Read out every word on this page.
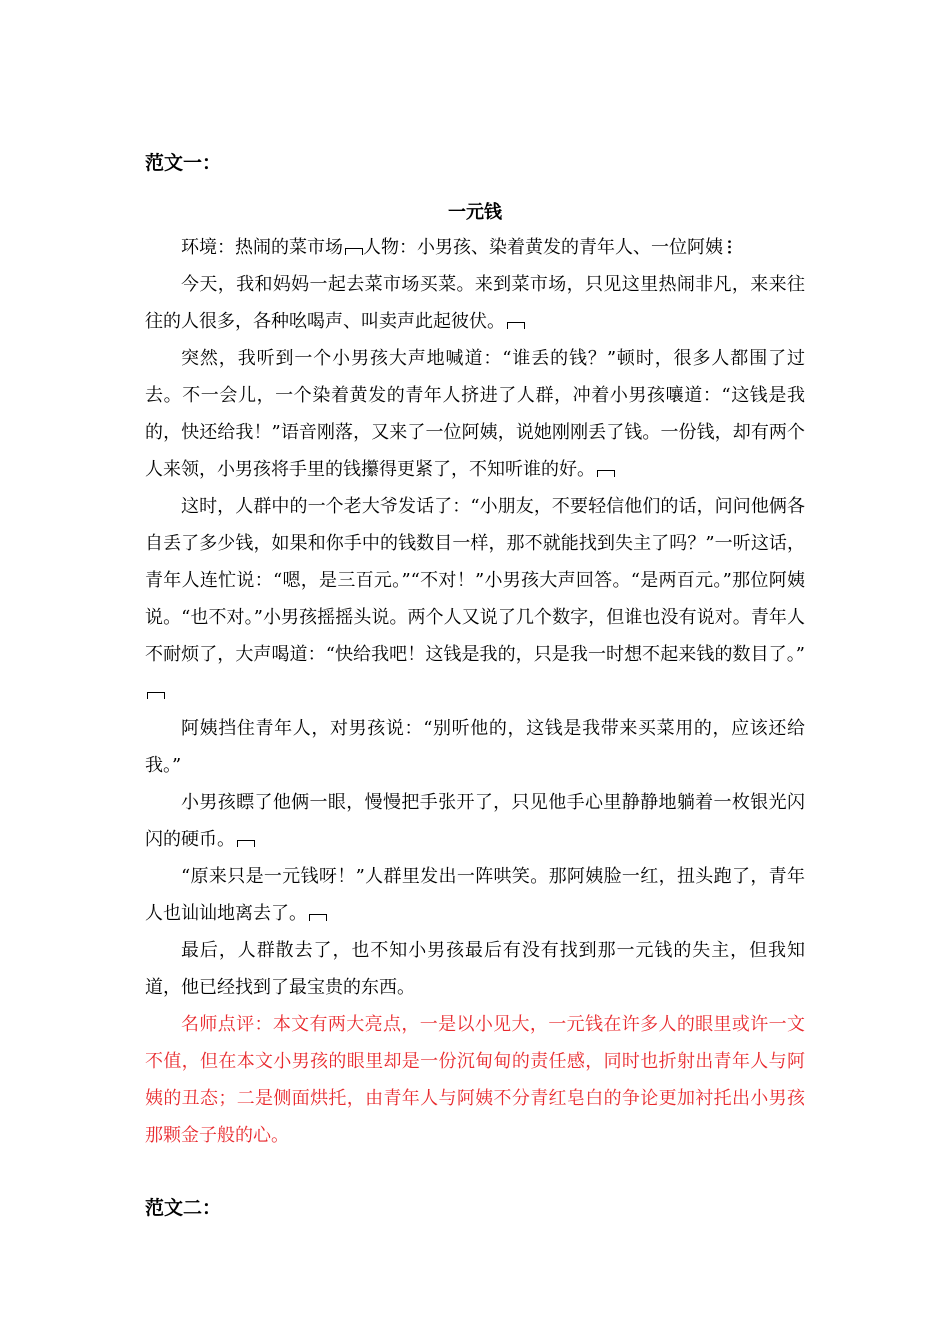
范文一：
一元钱

环境：热闹的菜市场 人物：小男孩、染着黄发的青年人、一位阿姨

今天，我和妈妈一起去菜市场买菜。来到菜市场，只见这里热闹非凡，来来往往的人很多，各种吆喝声、叫卖声此起彼伏。

突然，我听到一个小男孩大声地喊道：“谁丢的钱？”顿时，很多人都围了过去。不一会儿，一个染着黄发的青年人挤进了人群，冲着小男孩嚷道：“这钱是我的，快还给我！”语音刚落，又来了一位阿姨，说她刚刚丢了钱。一份钱，却有两个人来领，小男孩将手里的钱攥得更紧了，不知听谁的好。

这时，人群中的一个老大爷发话了：“小朋友，不要轻信他们的话，问问他俩各自丢了多少钱，如果和你手中的钱数目一样，那不就能找到失主了吗？”一听这话，青年人连忙说：“嗯，是三百元。”“不对！”小男孩大声回答。“是两百元。”那位阿姨说。“也不对。”小男孩摇摇头说。两个人又说了几个数字，但谁也没有说对。青年人不耐烦了，大声喝道：“快给我吧！这钱是我的，只是我一时想不起来钱的数目了。”

阿姨挡住青年人，对男孩说：“别听他的，这钱是我带来买菜用的，应该还给我。”

小男孩瞟了他俩一眼，慢慢把手张开了，只见他手心里静静地躺着一枚银光闪闪的硬币。

“原来只是一元钱呀！”人群里发出一阵哄笑。那阿姨脸一红，扭头跑了，青年人也讪讪地离去了。

最后，人群散去了，也不知小男孩最后有没有找到那一元钱的失主，但我知道，他已经找到了最宝贵的东西。

名师点评：本文有两大亮点，一是以小见大，一元钱在许多人的眼里或许一文不值，但在本文小男孩的眼里却是一份沉甸甸的责任感，同时也折射出青年人与阿姨的丑态；二是侧面烘托，由青年人与阿姨不分青红皂白的争论更加衬托出小男孩那颗金子般的心。

范文二：
